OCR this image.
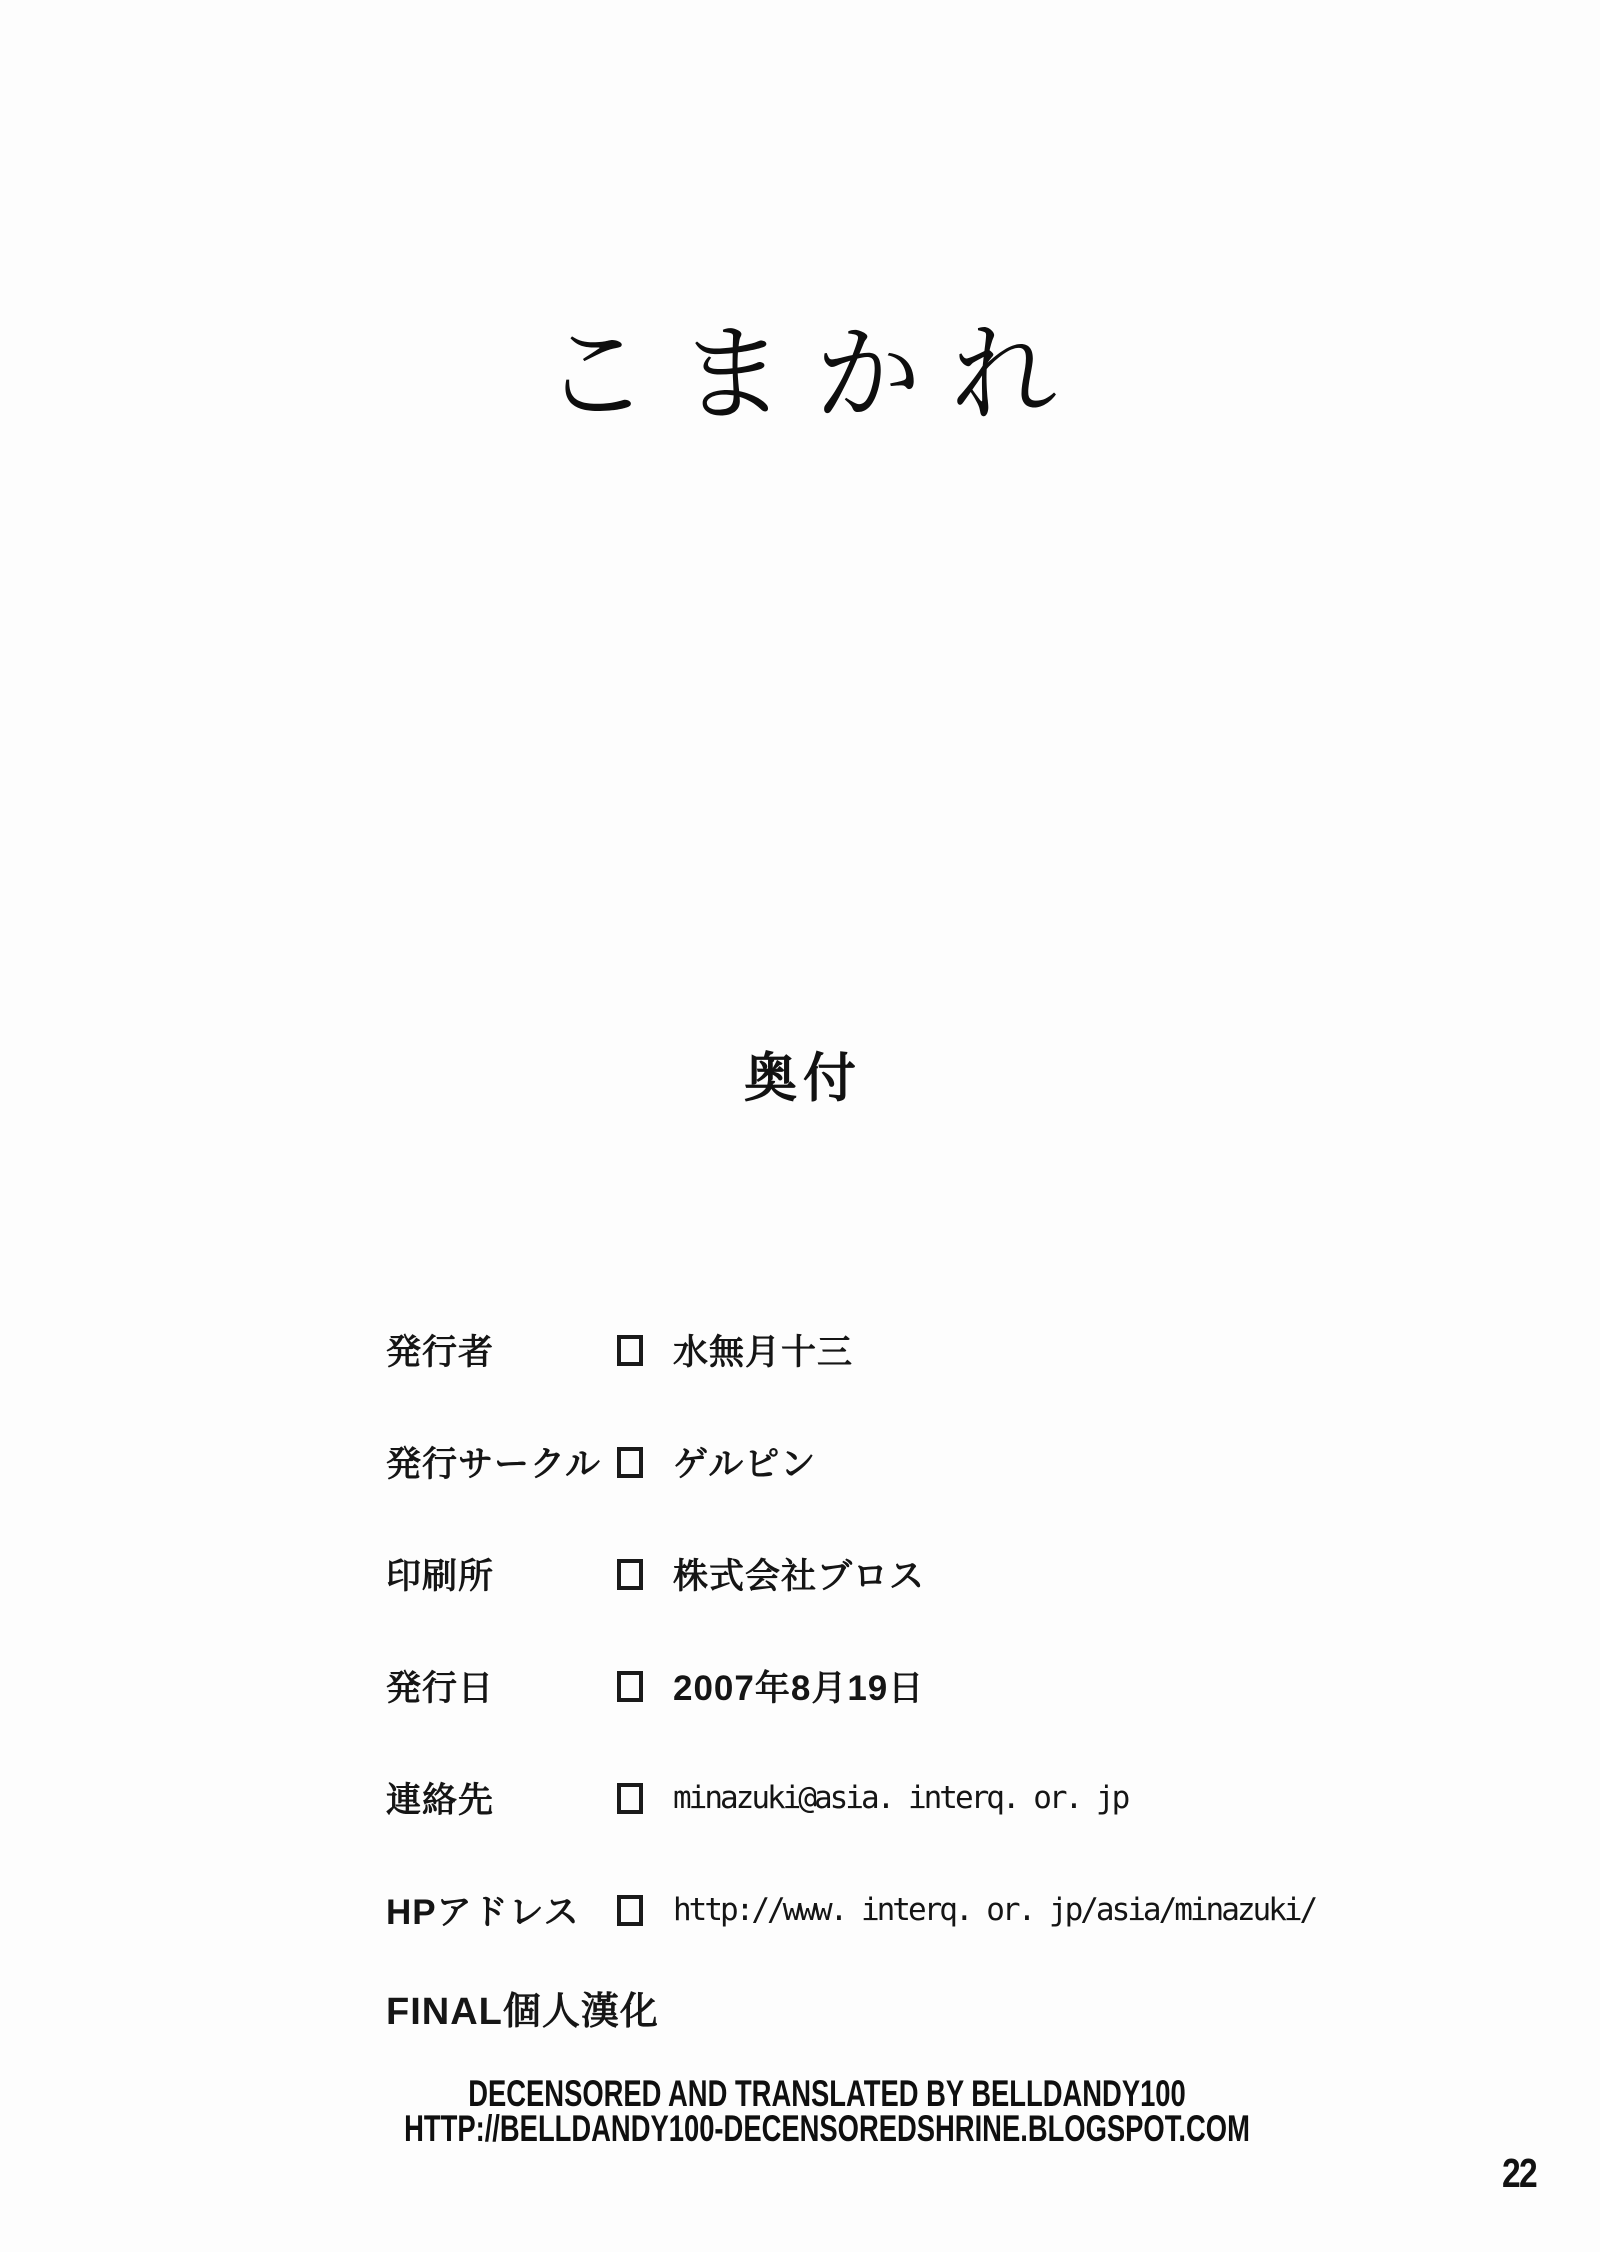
こまかれ
奥付
発行者	水無月十三
発行サークル	ゲルピン
印刷所	株式会社ブロス
発行日	2007年8月19日
連絡先	minazuki@asia. interq. or. jp
HPアドレス	http://www. interq. or. jp/asia/minazuki/
FINAL個人漢化
DECENSORED AND TRANSLATED BY BELLDANDY100
HTTP://BELLDANDY100-DECENSOREDSHRINE.BLOGSPOT.COM
22
